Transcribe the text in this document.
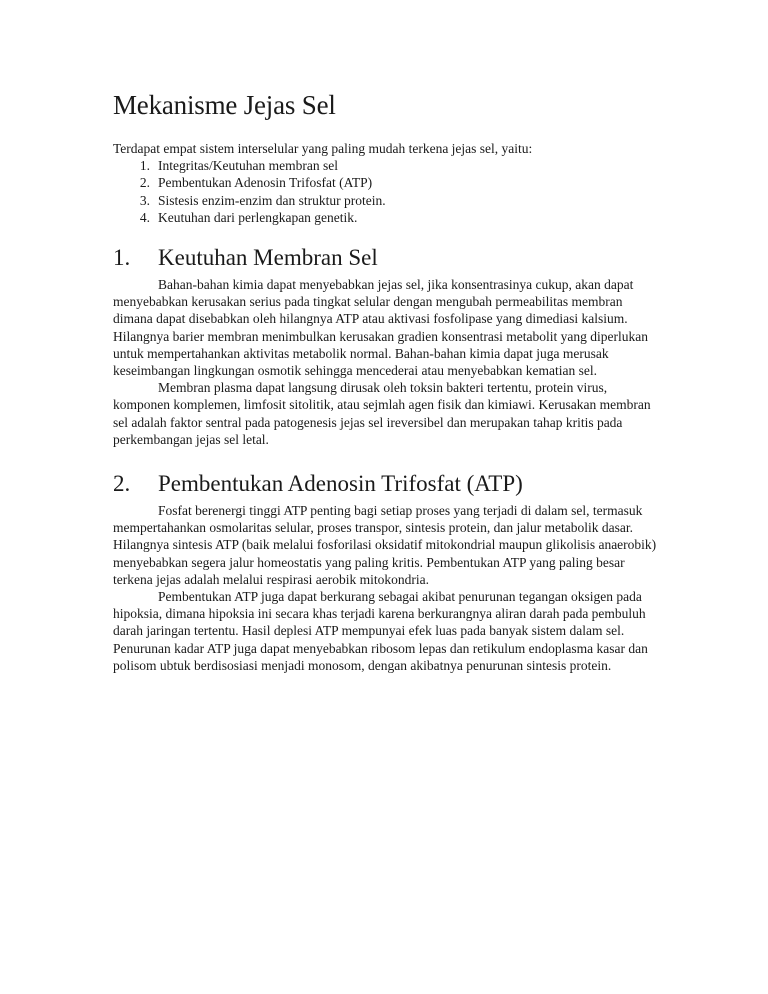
Mekanisme Jejas Sel

Terdapat empat sistem interselular yang paling mudah terkena jejas sel, yaitu:

1. Integritas/Keutuhan membran sel
2. Pembentukan Adenosin Trifosfat (ATP)
3. Sistesis enzim-enzim dan struktur protein.
4. Keutuhan dari perlengkapan genetik.
1.	Keutuhan Membran Sel

Bahan-bahan kimia dapat menyebabkan jejas sel, jika konsentrasinya cukup, akan dapat menyebabkan kerusakan serius pada tingkat selular dengan mengubah permeabilitas membran dimana dapat disebabkan oleh hilangnya ATP atau aktivasi fosfolipase yang dimediasi kalsium. Hilangnya barier membran menimbulkan kerusakan gradien konsentrasi metabolit yang diperlukan untuk mempertahankan aktivitas metabolik normal. Bahan-bahan kimia dapat juga merusak keseimbangan lingkungan osmotik sehingga mencederai atau menyebabkan kematian sel.

Membran plasma dapat langsung dirusak oleh toksin bakteri tertentu, protein virus, komponen komplemen, limfosit sitolitik, atau sejmlah agen fisik dan kimiawi. Kerusakan membran sel adalah faktor sentral pada patogenesis jejas sel ireversibel dan merupakan tahap kritis pada perkembangan jejas sel letal.

2.	Pembentukan Adenosin Trifosfat (ATP)

Fosfat berenergi tinggi ATP penting bagi setiap proses yang terjadi di dalam sel, termasuk mempertahankan osmolaritas selular, proses transpor, sintesis protein, dan jalur metabolik dasar. Hilangnya sintesis ATP (baik melalui fosforilasi oksidatif mitokondrial maupun glikolisis anaerobik) menyebabkan segera jalur homeostatis yang paling kritis. Pembentukan ATP yang paling besar terkena jejas adalah melalui respirasi aerobik mitokondria.

Pembentukan ATP juga dapat berkurang sebagai akibat penurunan tegangan oksigen pada hipoksia, dimana hipoksia ini secara khas terjadi karena berkurangnya aliran darah pada pembuluh darah jaringan tertentu. Hasil deplesi ATP mempunyai efek luas pada banyak sistem dalam sel. Penurunan kadar ATP juga dapat menyebabkan ribosom lepas dan retikulum endoplasma kasar dan polisom ubtuk berdisosiasi menjadi monosom, dengan akibatnya penurunan sintesis protein.
